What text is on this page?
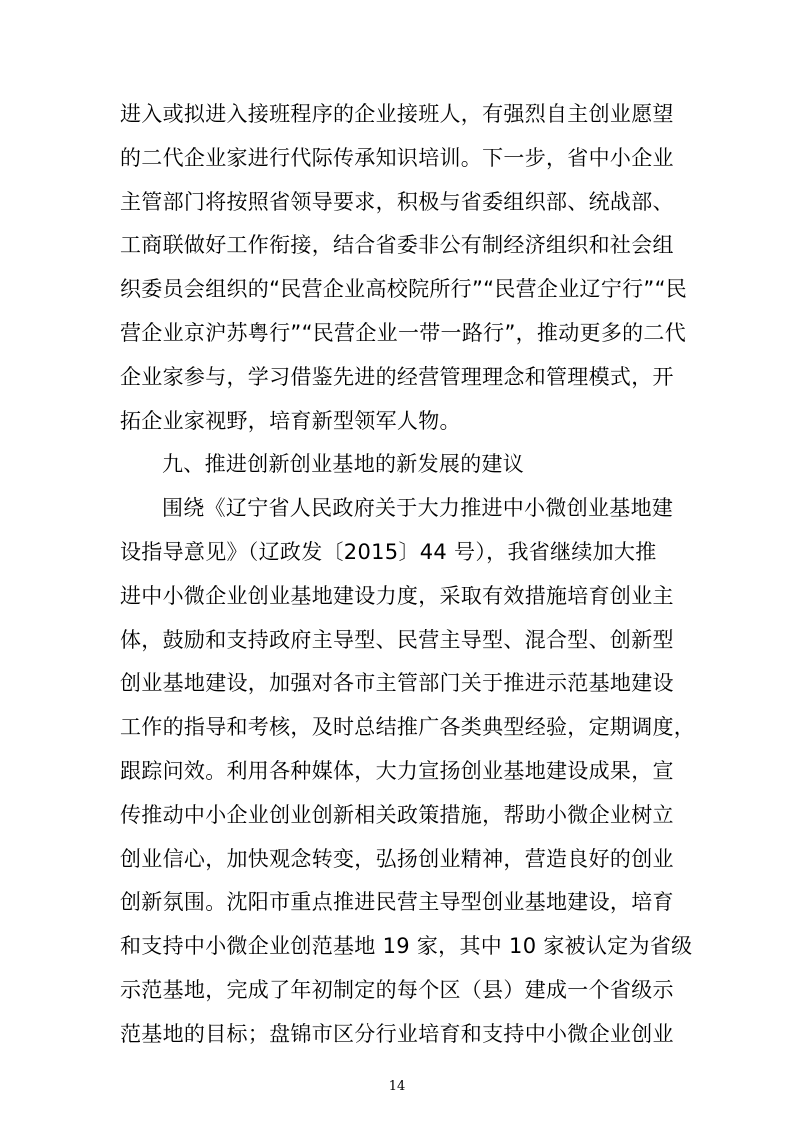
进入或拟进入接班程序的企业接班人，有强烈自主创业愿望
的二代企业家进行代际传承知识培训。下一步，省中小企业
主管部门将按照省领导要求，积极与省委组织部、统战部、
工商联做好工作衔接，结合省委非公有制经济组织和社会组
织委员会组织的“民营企业高校院所行”“民营企业辽宁行”“民
营企业京沪苏粤行”“民营企业一带一路行”，推动更多的二代
企业家参与，学习借鉴先进的经营管理理念和管理模式，开
拓企业家视野，培育新型领军人物。
九、推进创新创业基地的新发展的建议
围绕《辽宁省人民政府关于大力推进中小微创业基地建
设指导意见》（辽政发〔2015〕44 号），我省继续加大推
进中小微企业创业基地建设力度，采取有效措施培育创业主
体，鼓励和支持政府主导型、民营主导型、混合型、创新型
创业基地建设，加强对各市主管部门关于推进示范基地建设
工作的指导和考核，及时总结推广各类典型经验，定期调度，
跟踪问效。利用各种媒体，大力宣扬创业基地建设成果，宣
传推动中小企业创业创新相关政策措施，帮助小微企业树立
创业信心，加快观念转变，弘扬创业精神，营造良好的创业
创新氛围。沈阳市重点推进民营主导型创业基地建设，培育
和支持中小微企业创范基地 19 家，其中 10 家被认定为省级
示范基地，完成了年初制定的每个区（县）建成一个省级示
14
范基地的目标；盘锦市区分行业培育和支持中小微企业创业
